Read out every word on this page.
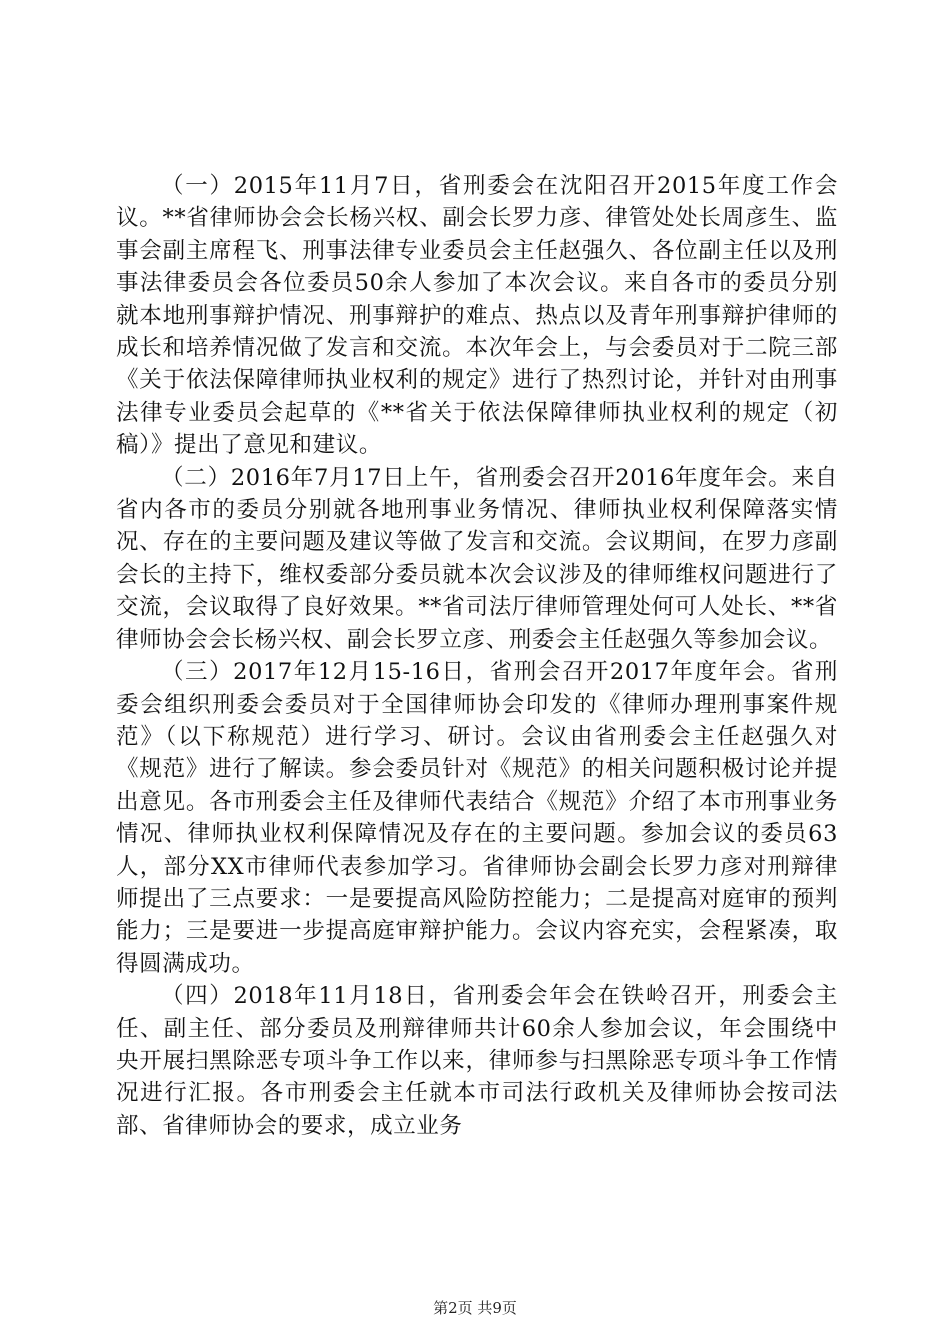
（一）2015年11月7日，省刑委会在沈阳召开2015年度工作会议。**省律师协会会长杨兴权、副会长罗力彦、律管处处长周彦生、监事会副主席程飞、刑事法律专业委员会主任赵强久、各位副主任以及刑事法律委员会各位委员50余人参加了本次会议。来自各市的委员分别就本地刑事辩护情况、刑事辩护的难点、热点以及青年刑事辩护律师的成长和培养情况做了发言和交流。本次年会上，与会委员对于二院三部《关于依法保障律师执业权利的规定》进行了热烈讨论，并针对由刑事法律专业委员会起草的《**省关于依法保障律师执业权利的规定（初稿）》提出了意见和建议。

（二）2016年7月17日上午，省刑委会召开2016年度年会。来自省内各市的委员分别就各地刑事业务情况、律师执业权利保障落实情况、存在的主要问题及建议等做了发言和交流。会议期间，在罗力彦副会长的主持下，维权委部分委员就本次会议涉及的律师维权问题进行了交流，会议取得了良好效果。**省司法厅律师管理处何可人处长、**省律师协会会长杨兴权、副会长罗立彦、刑委会主任赵强久等参加会议。

（三）2017年12月15-16日，省刑会召开2017年度年会。省刑委会组织刑委会委员对于全国律师协会印发的《律师办理刑事案件规范》（以下称规范）进行学习、研讨。会议由省刑委会主任赵强久对《规范》进行了解读。参会委员针对《规范》的相关问题积极讨论并提出意见。各市刑委会主任及律师代表结合《规范》介绍了本市刑事业务情况、律师执业权利保障情况及存在的主要问题。参加会议的委员63人，部分XX市律师代表参加学习。省律师协会副会长罗力彦对刑辩律师提出了三点要求：一是要提高风险防控能力；二是提高对庭审的预判能力；三是要进一步提高庭审辩护能力。会议内容充实，会程紧凑，取得圆满成功。

（四）2018年11月18日，省刑委会年会在铁岭召开，刑委会主任、副主任、部分委员及刑辩律师共计60余人参加会议，年会围绕中央开展扫黑除恶专项斗争工作以来，律师参与扫黑除恶专项斗争工作情况进行汇报。各市刑委会主任就本市司法行政机关及律师协会按司法部、省律师协会的要求，成立业务

第2页 共9页
